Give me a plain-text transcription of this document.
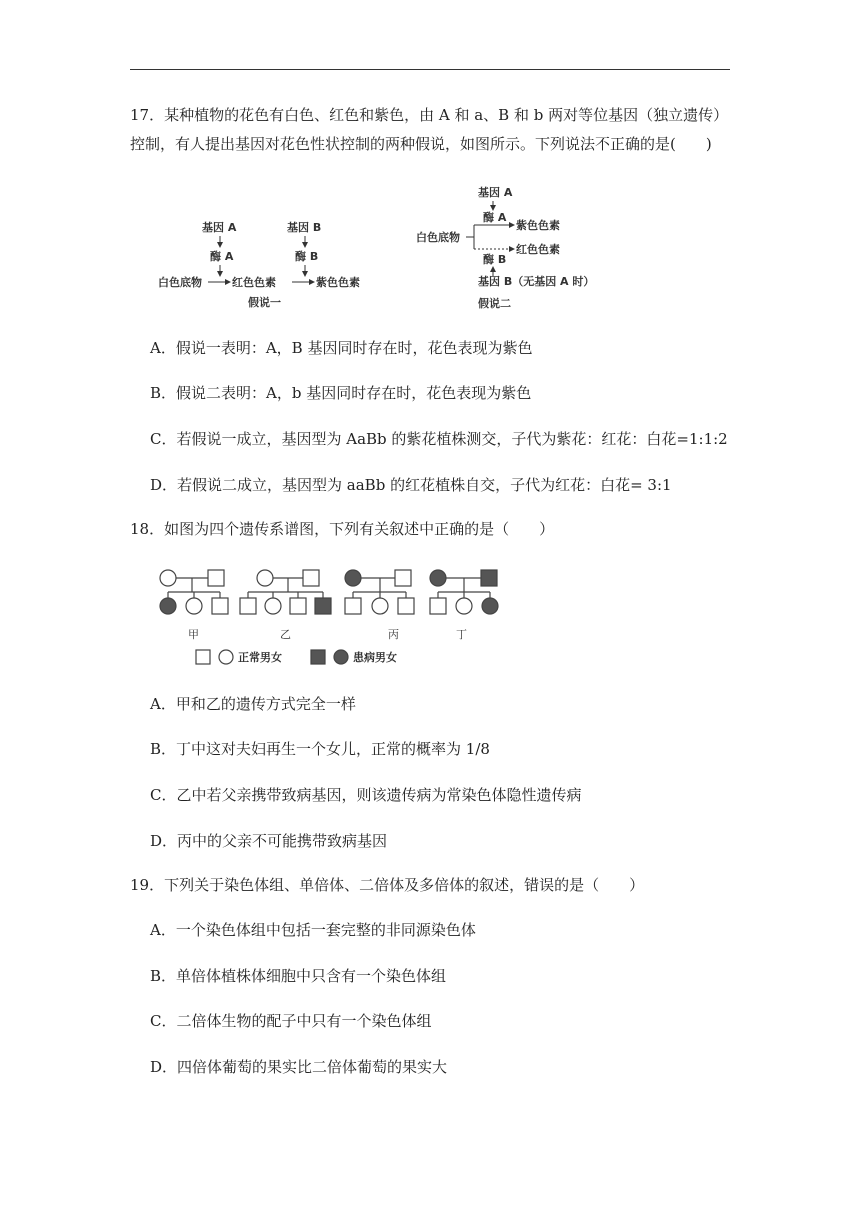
17．某种植物的花色有白色、红色和紫色，由 A 和 a、B 和 b 两对等位基因（独立遗传）
控制，有人提出基因对花色性状控制的两种假说，如图所示。下列说法不正确的是(　　)
基因 A
酶 A
基因 B
酶 B
白色底物	红色色素	紫色色素
假说一
基因 A
酶 A
白色底物
紫色色素
红色色素
酶 B
基因 B（无基因 A 时）
假说二
A．假说一表明：A，B 基因同时存在时，花色表现为紫色
B．假说二表明：A，b 基因同时存在时，花色表现为紫色
C．若假说一成立，基因型为 AaBb 的紫花植株测交，子代为紫花：红花：白花=1:1:2
D．若假说二成立，基因型为 aaBb 的红花植株自交，子代为红花：白花= 3:1
18．如图为四个遗传系谱图，下列有关叙述中正确的是（　　）
甲	乙	丙	丁
正常男女	患病男女
A．甲和乙的遗传方式完全一样
B．丁中这对夫妇再生一个女儿，正常的概率为 1/8
C．乙中若父亲携带致病基因，则该遗传病为常染色体隐性遗传病
D．丙中的父亲不可能携带致病基因
19．下列关于染色体组、单倍体、二倍体及多倍体的叙述，错误的是（　　）
A．一个染色体组中包括一套完整的非同源染色体
B．单倍体植株体细胞中只含有一个染色体组
C．二倍体生物的配子中只有一个染色体组
D．四倍体葡萄的果实比二倍体葡萄的果实大
